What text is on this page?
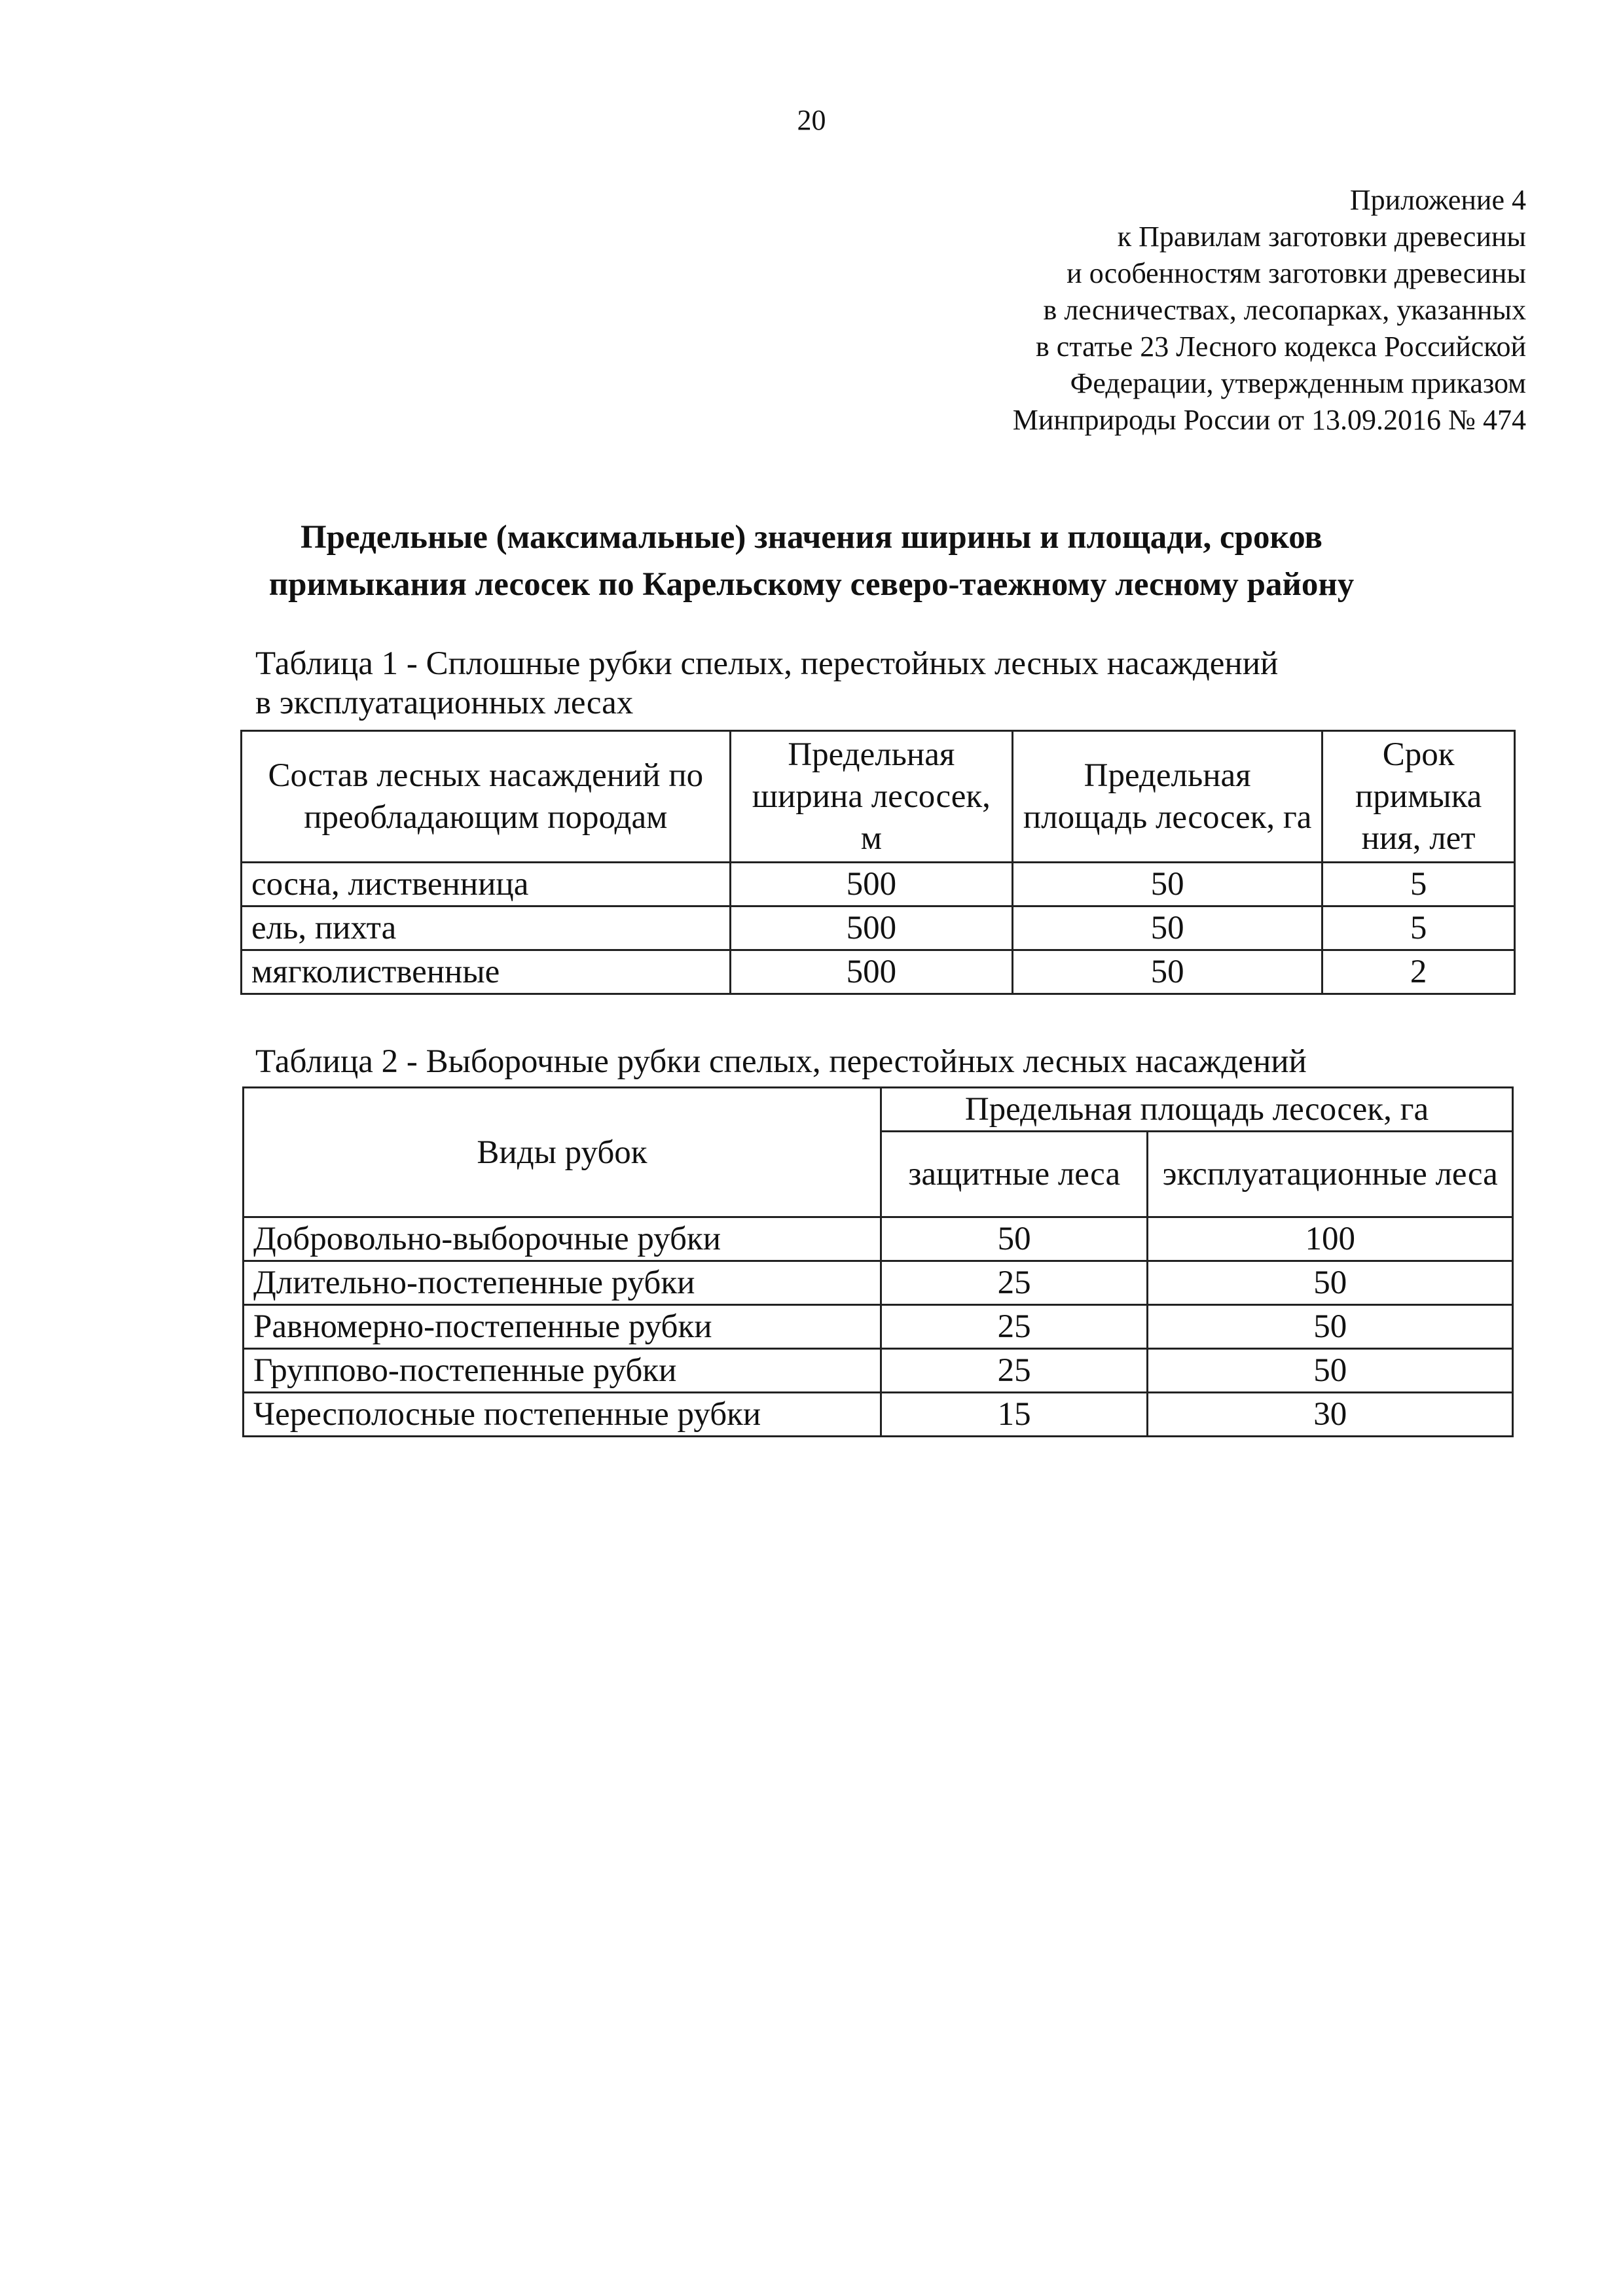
20
Приложение 4
к Правилам заготовки древесины
и особенностям заготовки древесины
в лесничествах, лесопарках, указанных
в статье 23 Лесного кодекса Российской
Федерации, утвержденным приказом
Минприроды России от 13.09.2016 № 474
Предельные (максимальные) значения ширины и площади, сроков
примыкания лесосек по Карельскому северо-таежному лесному району
Таблица 1 - Сплошные рубки спелых, перестойных лесных насаждений
в эксплуатационных лесах
Состав лесных насаждений по преобладающим породам	Предельная ширина лесосек, м	Предельная площадь лесосек, га	Срок примыка ния, лет
сосна, лиственница	500	50	5
ель, пихта	500	50	5
мягколиственные	500	50	2
Таблица 2 - Выборочные рубки спелых, перестойных лесных насаждений
Виды рубок	Предельная площадь лесосек, га	
	защитные леса	эксплуатационные леса
Добровольно-выборочные рубки	50	100
Длительно-постепенные рубки	25	50
Равномерно-постепенные рубки	25	50
Группово-постепенные рубки	25	50
Чересполосные постепенные рубки	15	30
